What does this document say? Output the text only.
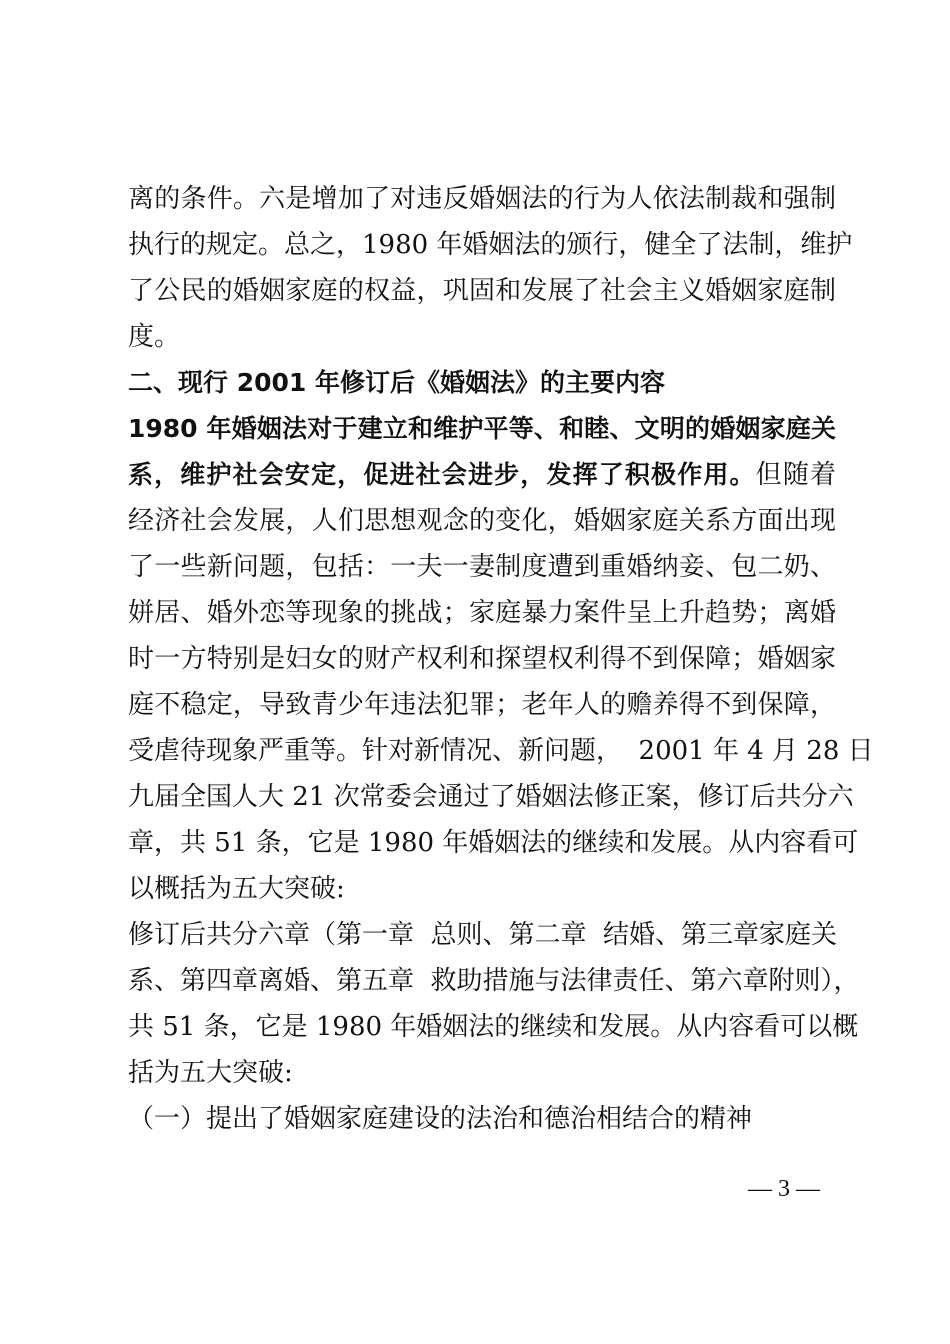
离的条件。六是增加了对违反婚姻法的行为人依法制裁和强制
执行的规定。总之，1980 年婚姻法的颁行，健全了法制，维护
了公民的婚姻家庭的权益，巩固和发展了社会主义婚姻家庭制
度。
二、现行 2001 年修订后《婚姻法》的主要内容
1980 年婚姻法对于建立和维护平等、和睦、文明的婚姻家庭关
系，维护社会安定，促进社会进步，发挥了积极作用。但随着
经济社会发展，人们思想观念的变化，婚姻家庭关系方面出现
了一些新问题，包括：一夫一妻制度遭到重婚纳妾、包二奶、
姘居、婚外恋等现象的挑战；家庭暴力案件呈上升趋势；离婚
时一方特别是妇女的财产权利和探望权利得不到保障；婚姻家
庭不稳定，导致青少年违法犯罪；老年人的赡养得不到保障，
受虐待现象严重等。针对新情况、新问题，  2001 年 4 月 28 日
九届全国人大 21 次常委会通过了婚姻法修正案，修订后共分六
章，共 51 条，它是 1980 年婚姻法的继续和发展。从内容看可
以概括为五大突破:
修订后共分六章（第一章  总则、第二章  结婚、第三章家庭关
系、第四章离婚、第五章  救助措施与法律责任、第六章附则），
共 51 条，它是 1980 年婚姻法的继续和发展。从内容看可以概
括为五大突破:
（一）提出了婚姻家庭建设的法治和德治相结合的精神
— 3 —
